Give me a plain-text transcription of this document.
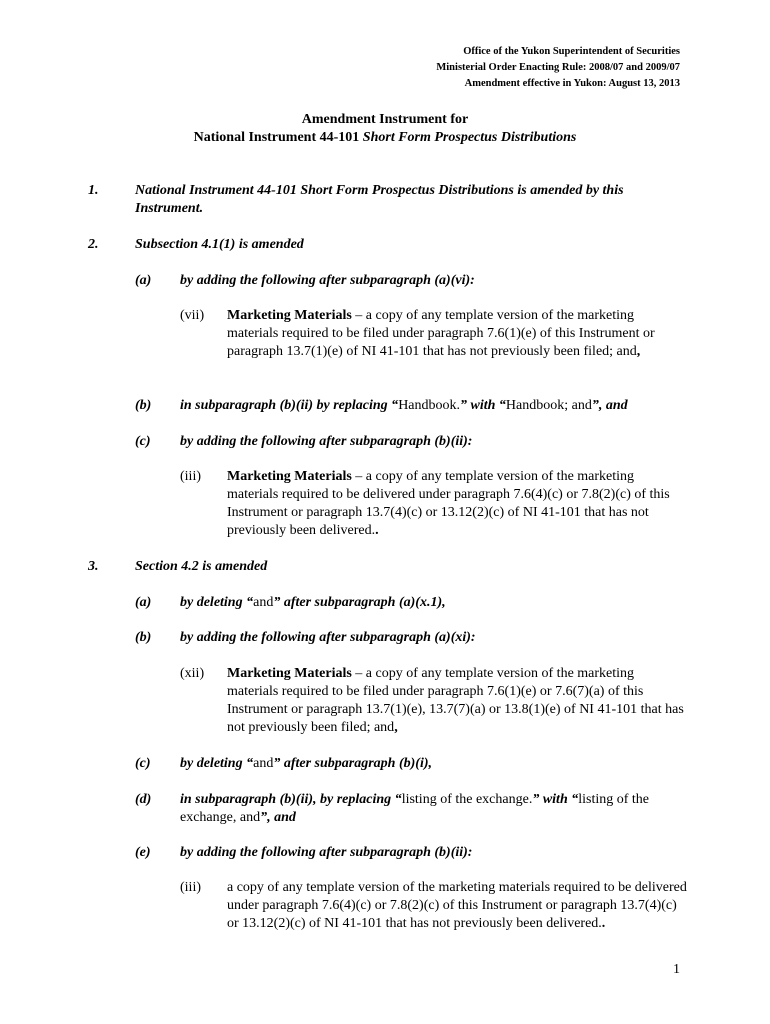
Office of the Yukon Superintendent of Securities
Ministerial Order Enacting Rule: 2008/07 and 2009/07
Amendment effective in Yukon: August 13, 2013
Amendment Instrument for
National Instrument 44-101 Short Form Prospectus Distributions
1.	National Instrument 44-101 Short Form Prospectus Distributions is amended by this Instrument.
2.	Subsection 4.1(1) is amended
(a) by adding the following after subparagraph (a)(vi):
(vii) Marketing Materials – a copy of any template version of the marketing materials required to be filed under paragraph 7.6(1)(e) of this Instrument or paragraph 13.7(1)(e) of NI 41-101 that has not previously been filed; and,
(b) in subparagraph (b)(ii) by replacing “Handbook.” with “Handbook; and”, and
(c) by adding the following after subparagraph (b)(ii):
(iii) Marketing Materials – a copy of any template version of the marketing materials required to be delivered under paragraph 7.6(4)(c) or 7.8(2)(c) of this Instrument or paragraph 13.7(4)(c) or 13.12(2)(c) of NI 41-101 that has not previously been delivered..
3.	Section 4.2 is amended
(a) by deleting “and” after subparagraph (a)(x.1),
(b) by adding the following after subparagraph (a)(xi):
(xii) Marketing Materials – a copy of any template version of the marketing materials required to be filed under paragraph 7.6(1)(e) or 7.6(7)(a) of this Instrument or paragraph 13.7(1)(e), 13.7(7)(a) or 13.8(1)(e) of NI 41-101 that has not previously been filed; and,
(c) by deleting “and” after subparagraph (b)(i),
(d) in subparagraph (b)(ii), by replacing “listing of the exchange.” with “listing of the exchange, and”, and
(e) by adding the following after subparagraph (b)(ii):
(iii) a copy of any template version of the marketing materials required to be delivered under paragraph 7.6(4)(c) or 7.8(2)(c) of this Instrument or paragraph 13.7(4)(c) or 13.12(2)(c) of NI 41-101 that has not previously been delivered..
1
